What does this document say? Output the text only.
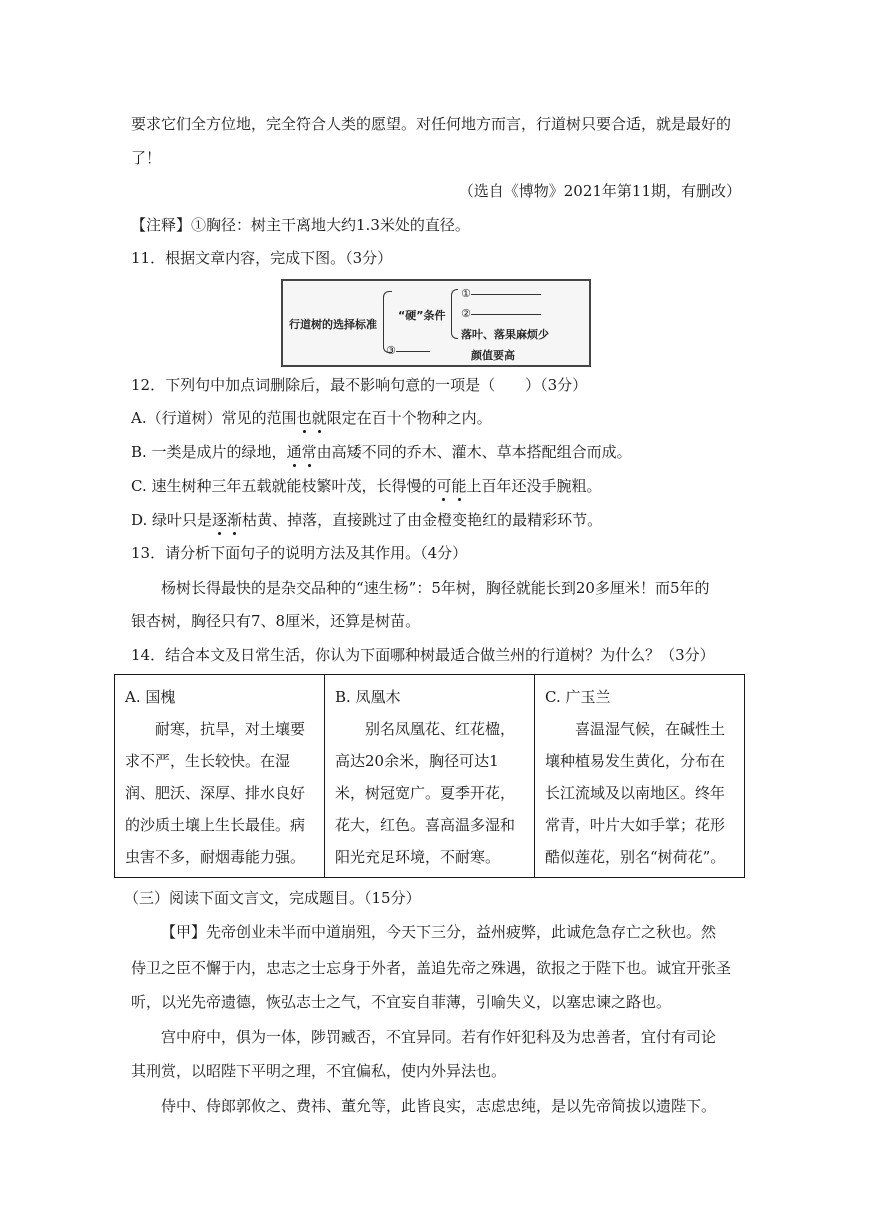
要求它们全方位地，完全符合人类的愿望。对任何地方而言，行道树只要合适，就是最好的
了！
（选自《博物》2021年第11期，有删改）
【注释】①胸径：树主干离地大约1.3米处的直径。
11．根据文章内容，完成下图。（3分）
行道树的选择标准
“硬”条件
①
②
落叶、落果麻烦少
③	颜值要高
12．下列句中加点词删除后，最不影响句意的一项是（　　）（3分）
A.（行道树）常见的范围也就限定在百十个物种之内。
B. 一类是成片的绿地，通常由高矮不同的乔木、灌木、草本搭配组合而成。
C. 速生树种三年五载就能枝繁叶茂，长得慢的可能上百年还没手腕粗。
D. 绿叶只是逐渐枯黄、掉落，直接跳过了由金橙变艳红的最精彩环节。
13．请分析下面句子的说明方法及其作用。（4分）
杨树长得最快的是杂交品种的“速生杨”：5年树，胸径就能长到20多厘米！而5年的
银杏树，胸径只有7、8厘米，还算是树苗。
14．结合本文及日常生活，你认为下面哪种树最适合做兰州的行道树？为什么？（3分）
A. 国槐
耐寒，抗旱，对土壤要求不严，生长较快。在湿润、肥沃、深厚、排水良好的沙质土壤上生长最佳。病虫害不多，耐烟毒能力强。

B. 凤凰木
别名凤凰花、红花楹，高达20余米，胸径可达1米，树冠宽广。夏季开花，花大，红色。喜高温多湿和阳光充足环境，不耐寒。

C. 广玉兰
喜温湿气候，在碱性土壤种植易发生黄化，分布在长江流域及以南地区。终年常青，叶片大如手掌；花形酷似莲花，别名“树荷花”。
（三）阅读下面文言文，完成题目。（15分）
【甲】先帝创业未半而中道崩殂，今天下三分，益州疲弊，此诚危急存亡之秋也。然
侍卫之臣不懈于内，忠志之士忘身于外者，盖追先帝之殊遇，欲报之于陛下也。诚宜开张圣
听，以光先帝遗德，恢弘志士之气，不宜妄自菲薄，引喻失义，以塞忠谏之路也。
宫中府中，俱为一体，陟罚臧否，不宜异同。若有作奸犯科及为忠善者，宜付有司论
其刑赏，以昭陛下平明之理，不宜偏私，使内外异法也。
侍中、侍郎郭攸之、费祎、董允等，此皆良实，志虑忠纯，是以先帝简拔以遗陛下。
